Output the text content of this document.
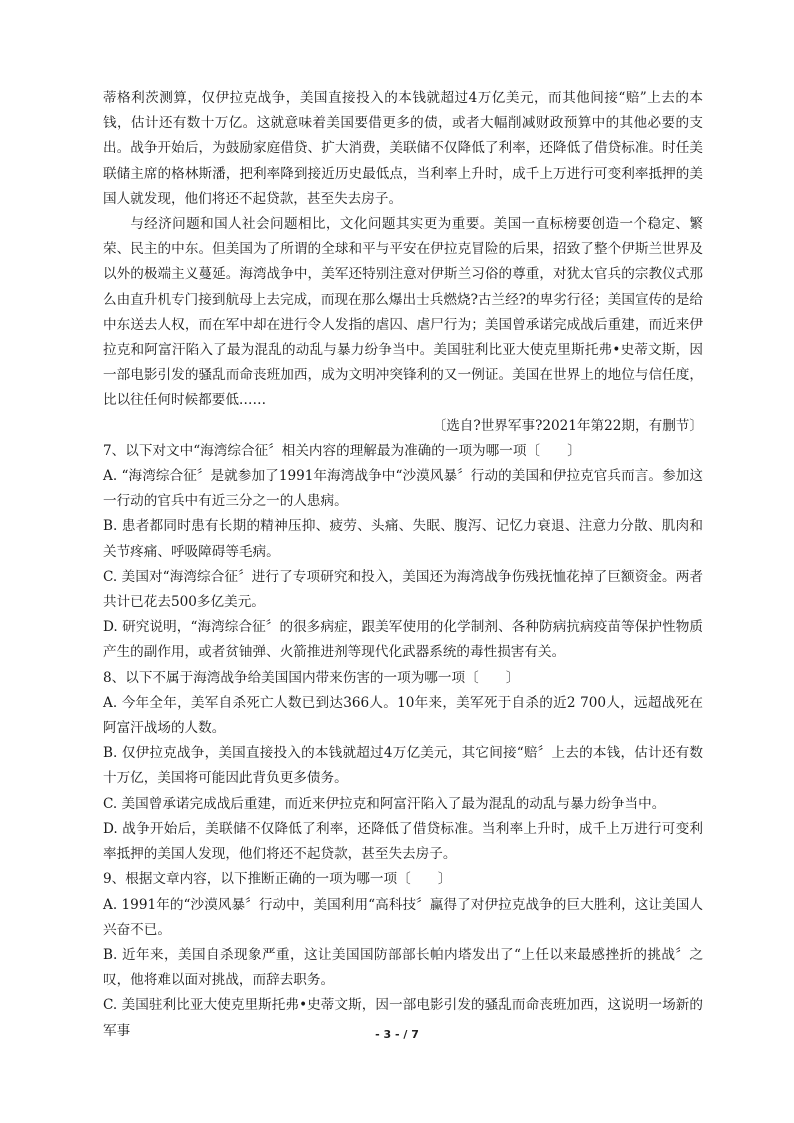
蒂格利茨测算，仅伊拉克战争，美国直接投入的本钱就超过4万亿美元，而其他间接“赔”上去的本钱，估计还有数十万亿。这就意味着美国要借更多的债，或者大幅削减财政预算中的其他必要的支出。战争开始后，为鼓励家庭借贷、扩大消费，美联储不仅降低了利率，还降低了借贷标准。时任美联储主席的格林斯潘，把利率降到接近历史最低点，当利率上升时，成千上万进行可变利率抵押的美国人就发现，他们将还不起贷款，甚至失去房子。

与经济问题和国人社会问题相比，文化问题其实更为重要。美国一直标榜要创造一个稳定、繁荣、民主的中东。但美国为了所谓的全球和平与平安在伊拉克冒险的后果，招致了整个伊斯兰世界及以外的极端主义蔓延。海湾战争中，美军还特别注意对伊斯兰习俗的尊重，对犹太官兵的宗教仪式那么由直升机专门接到航母上去完成，而现在那么爆出士兵燃烧?古兰经?的卑劣行径；美国宣传的是给中东送去人权，而在军中却在进行令人发指的虐囚、虐尸行为；美国曾承诺完成战后重建，而近来伊拉克和阿富汗陷入了最为混乱的动乱与暴力纷争当中。美国驻利比亚大使克里斯托弗•史蒂文斯，因一部电影引发的骚乱而命丧班加西，成为文明冲突锋利的又一例证。美国在世界上的地位与信任度，比以往任何时候都要低……

〔选自?世界军事?2021年第22期，有删节〕

7、以下对文中“海湾综合征〞相关内容的理解最为准确的一项为哪一项〔　　〕

A. “海湾综合征〞是就参加了1991年海湾战争中“沙漠风暴〞行动的美国和伊拉克官兵而言。参加这一行动的官兵中有近三分之一的人患病。

B. 患者都同时患有长期的精神压抑、疲劳、头痛、失眠、腹泻、记忆力衰退、注意力分散、肌肉和关节疼痛、呼吸障碍等毛病。

C. 美国对“海湾综合征〞进行了专项研究和投入，美国还为海湾战争伤残抚恤花掉了巨额资金。两者共计已花去500多亿美元。

D. 研究说明，“海湾综合征〞的很多病症，跟美军使用的化学制剂、各种防病抗病疫苗等保护性物质产生的副作用，或者贫铀弹、火箭推进剂等现代化武器系统的毒性损害有关。

8、以下不属于海湾战争给美国国内带来伤害的一项为哪一项〔　　〕

A. 今年全年，美军自杀死亡人数已到达366人。10年来，美军死于自杀的近2 700人，远超战死在阿富汗战场的人数。

B. 仅伊拉克战争，美国直接投入的本钱就超过4万亿美元，其它间接“赔〞上去的本钱，估计还有数十万亿，美国将可能因此背负更多债务。

C. 美国曾承诺完成战后重建，而近来伊拉克和阿富汗陷入了最为混乱的动乱与暴力纷争当中。

D. 战争开始后，美联储不仅降低了利率，还降低了借贷标准。当利率上升时，成千上万进行可变利率抵押的美国人发现，他们将还不起贷款，甚至失去房子。

9、根据文章内容，以下推断正确的一项为哪一项〔　　〕

A. 1991年的“沙漠风暴〞行动中，美国利用“高科技〞赢得了对伊拉克战争的巨大胜利，这让美国人兴奋不已。

B. 近年来，美国自杀现象严重，这让美国国防部部长帕内塔发出了“上任以来最感挫折的挑战〞之叹，他将难以面对挑战，而辞去职务。

C. 美国驻利比亚大使克里斯托弗•史蒂文斯，因一部电影引发的骚乱而命丧班加西，这说明一场新的军事	- 3 - / 7
